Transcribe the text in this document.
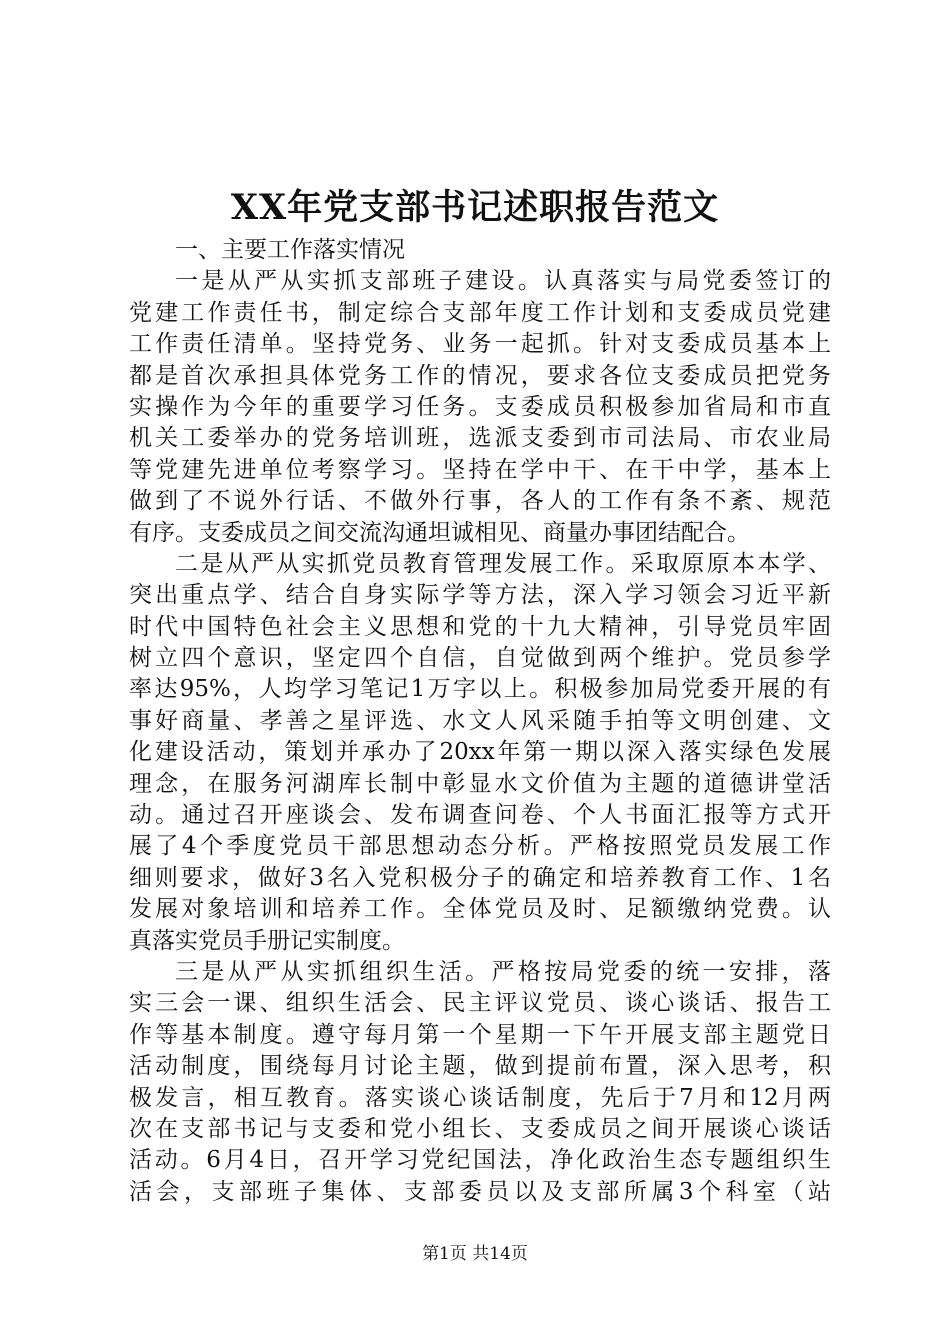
XX年党支部书记述职报告范文
一、主要工作落实情况
一是从严从实抓支部班子建设。认真落实与局党委签订的
党建工作责任书，制定综合支部年度工作计划和支委成员党建
工作责任清单。坚持党务、业务一起抓。针对支委成员基本上
都是首次承担具体党务工作的情况，要求各位支委成员把党务
实操作为今年的重要学习任务。支委成员积极参加省局和市直
机关工委举办的党务培训班，选派支委到市司法局、市农业局
等党建先进单位考察学习。坚持在学中干、在干中学，基本上
做到了不说外行话、不做外行事，各人的工作有条不紊、规范
有序。支委成员之间交流沟通坦诚相见、商量办事团结配合。
二是从严从实抓党员教育管理发展工作。采取原原本本学、
突出重点学、结合自身实际学等方法，深入学习领会习近平新
时代中国特色社会主义思想和党的十九大精神，引导党员牢固
树立四个意识，坚定四个自信，自觉做到两个维护。党员参学
率达95%，人均学习笔记1万字以上。积极参加局党委开展的有
事好商量、孝善之星评选、水文人风采随手拍等文明创建、文
化建设活动，策划并承办了20xx年第一期以深入落实绿色发展
理念，在服务河湖库长制中彰显水文价值为主题的道德讲堂活
动。通过召开座谈会、发布调查问卷、个人书面汇报等方式开
展了4个季度党员干部思想动态分析。严格按照党员发展工作
细则要求，做好3名入党积极分子的确定和培养教育工作、1名
发展对象培训和培养工作。全体党员及时、足额缴纳党费。认
真落实党员手册记实制度。
三是从严从实抓组织生活。严格按局党委的统一安排，落
实三会一课、组织生活会、民主评议党员、谈心谈话、报告工
作等基本制度。遵守每月第一个星期一下午开展支部主题党日
活动制度，围绕每月讨论主题，做到提前布置，深入思考，积
极发言，相互教育。落实谈心谈话制度，先后于7月和12月两
次在支部书记与支委和党小组长、支委成员之间开展谈心谈话
活动。6月4日，召开学习党纪国法，净化政治生态专题组织生
活会，支部班子集体、支部委员以及支部所属3个科室（站
第1页 共14页
